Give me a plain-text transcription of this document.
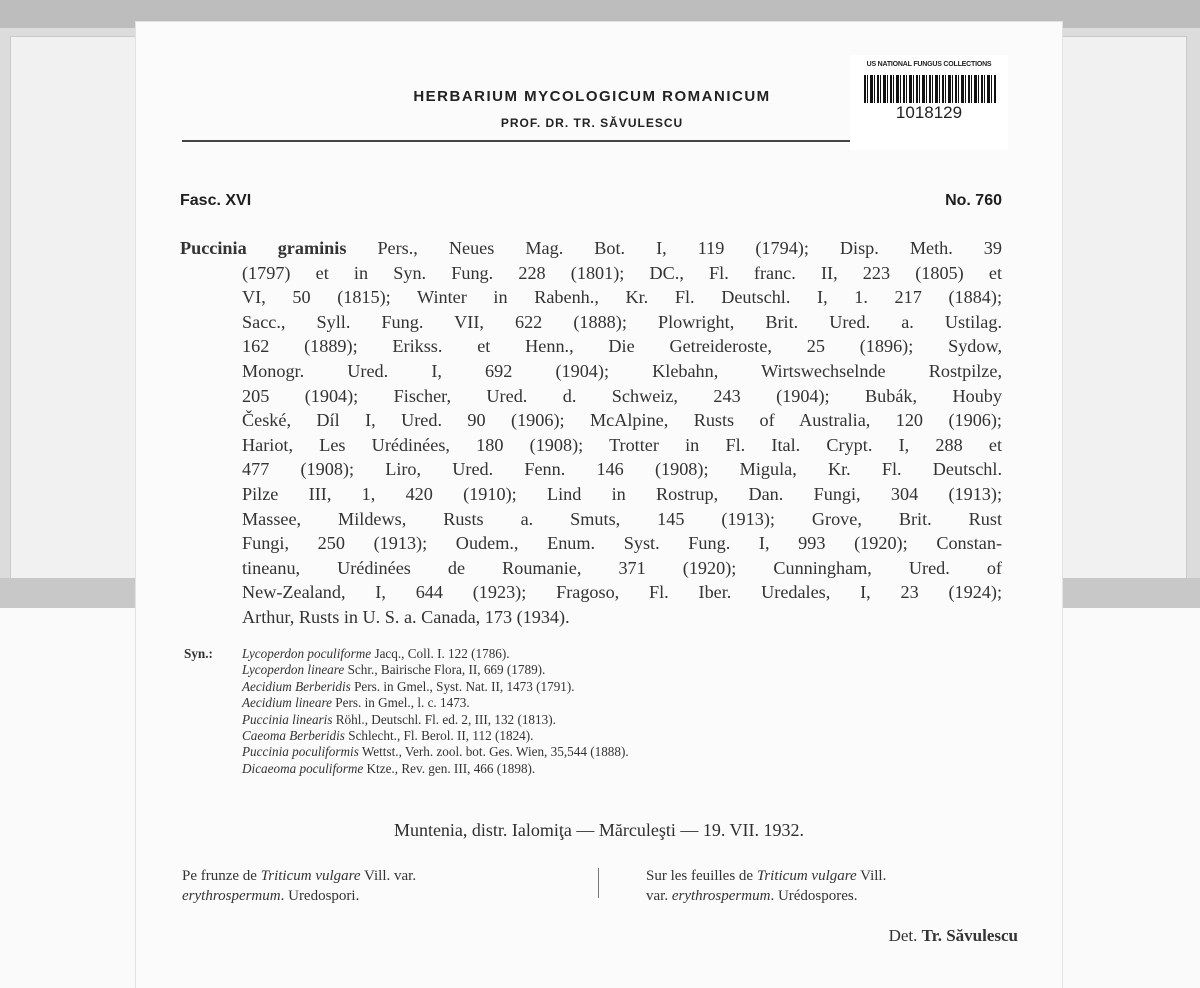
HERBARIUM MYCOLOGICUM ROMANICUM
PROF. DR. TR. SĂVULESCU
US NATIONAL FUNGUS COLLECTIONS
1018129
Fasc. XVI	No. 760
Puccinia graminis Pers., Neues Mag. Bot. I, 119 (1794); Disp. Meth. 39
(1797) et in Syn. Fung. 228 (1801); DC., Fl. franc. II, 223 (1805) et
VI, 50 (1815); Winter in Rabenh., Kr. Fl. Deutschl. I, 1. 217 (1884);
Sacc., Syll. Fung. VII, 622 (1888); Plowright, Brit. Ured. a. Ustilag.
162 (1889); Erikss. et Henn., Die Getreideroste, 25 (1896); Sydow,
Monogr. Ured. I, 692 (1904); Klebahn, Wirtswechselnde Rostpilze,
205 (1904); Fischer, Ured. d. Schweiz, 243 (1904); Bubák, Houby
České, Díl I, Ured. 90 (1906); McAlpine, Rusts of Australia, 120 (1906);
Hariot, Les Urédinées, 180 (1908); Trotter in Fl. Ital. Crypt. I, 288 et
477 (1908); Liro, Ured. Fenn. 146 (1908); Migula, Kr. Fl. Deutschl.
Pilze III, 1, 420 (1910); Lind in Rostrup, Dan. Fungi, 304 (1913);
Massee, Mildews, Rusts a. Smuts, 145 (1913); Grove, Brit. Rust
Fungi, 250 (1913); Oudem., Enum. Syst. Fung. I, 993 (1920); Constan-
tineanu, Urédinées de Roumanie, 371 (1920); Cunningham, Ured. of
New-Zealand, I, 644 (1923); Fragoso, Fl. Iber. Uredales, I, 23 (1924);
Arthur, Rusts in U. S. a. Canada, 173 (1934).
Syn.: Lycoperdon poculiforme Jacq., Coll. I. 122 (1786).
Lycoperdon lineare Schr., Bairische Flora, II, 669 (1789).
Aecidium Berberidis Pers. in Gmel., Syst. Nat. II, 1473 (1791).
Aecidium lineare Pers. in Gmel., l. c. 1473.
Puccinia linearis Röhl., Deutschl. Fl. ed. 2, III, 132 (1813).
Caeoma Berberidis Schlecht., Fl. Berol. II, 112 (1824).
Puccinia poculiformis Wettst., Verh. zool. bot. Ges. Wien, 35,544 (1888).
Dicaeoma poculiforme Ktze., Rev. gen. III, 466 (1898).
Muntenia, distr. Ialomiţa — Mărculeşti — 19. VII. 1932.
Pe frunze de Triticum vulgare Vill. var.
erythrospermum. Uredospori.
Sur les feuilles de Triticum vulgare Vill.
var. erythrospermum. Urédospores.
Det. Tr. Săvulescu
